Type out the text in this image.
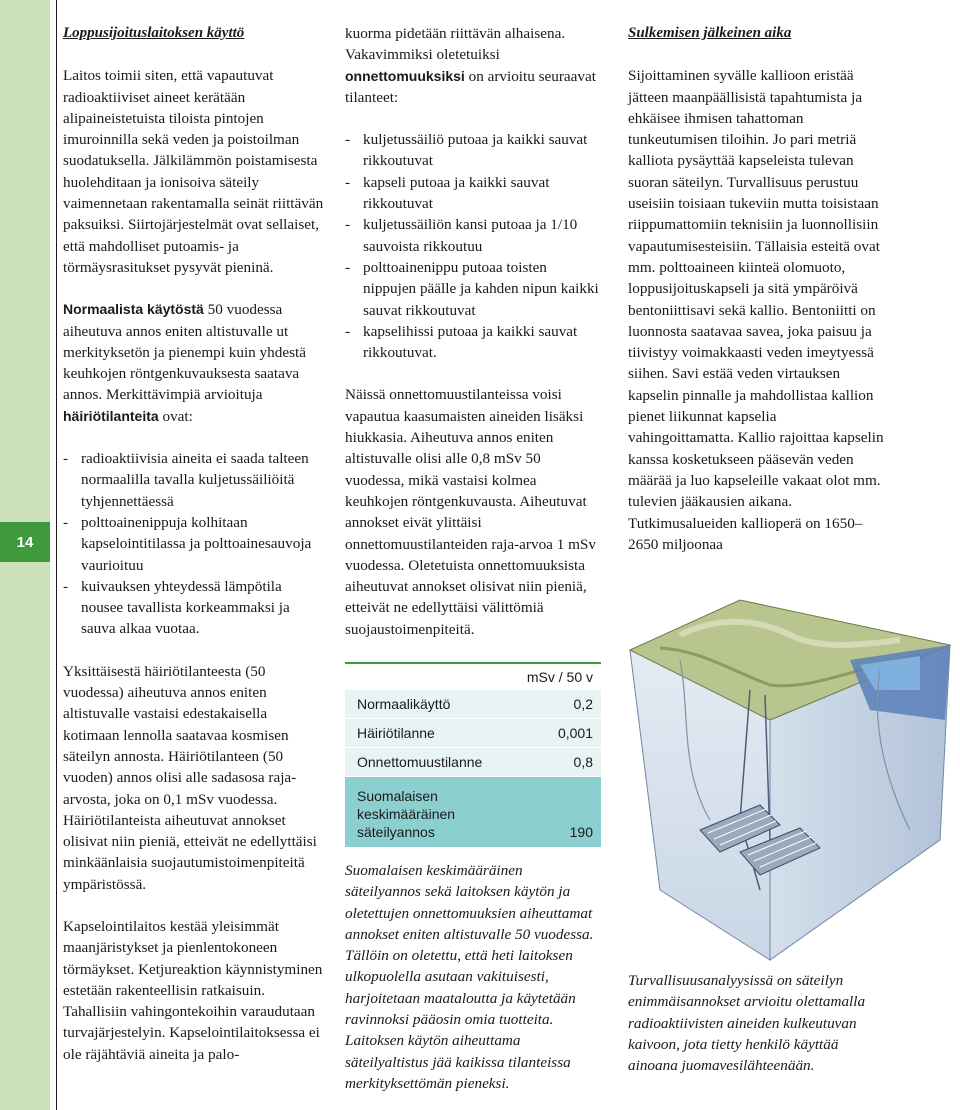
14

Loppusijoituslaitoksen käyttö

Laitos toimii siten, että vapautuvat radioaktiiviset aineet kerätään alipaineistetuista tiloista pintojen imuroinnilla sekä veden ja poistoilman suodatuksella. Jälkilämmön poistamisesta huolehditaan ja ionisoiva säteily vaimennetaan rakentamalla seinät riittävän paksuiksi. Siirtojärjestelmät ovat sellaiset, että mahdolliset putoamis- ja törmäysrasitukset pysyvät pieninä.

Normaalista käytöstä 50 vuodessa aiheutuva annos eniten altistuvalle ut merkityksetön ja pienempi kuin yhdestä keuhkojen röntgenkuvauksesta saatava annos. Merkittävimpiä arvioituja häiriötilanteita ovat:

- radioaktiivisia aineita ei saada talteen normaalilla tavalla kuljetussäiliöitä tyhjennettäessä
- polttoainenippuja kolhitaan kapselointitilassa ja polttoainesauvoja vaurioituu
- kuivauksen yhteydessä lämpötila nousee tavallista korkeammaksi ja sauva alkaa vuotaa.

Yksittäisestä häiriötilanteesta (50 vuodessa) aiheutuva annos eniten altistuvalle vastaisi edestakaisella kotimaan lennolla saatavaa kosmisen säteilyn annosta. Häiriötilanteen (50 vuoden) annos olisi alle sadasosa raja-arvosta, joka on 0,1 mSv vuodessa. Häiriötilanteista aiheutuvat annokset olisivat niin pieniä, etteivät ne edellyttäisi minkäänlaisia suojautumistoimenpiteitä ympäristössä.

Kapselointilaitos kestää yleisimmät maanjäristykset ja pienlentokoneen törmäykset. Ketjureaktion käynnistyminen estetään rakenteellisin ratkaisuin. Tahallisiin vahingontekoihin varaudutaan turvajärjestelyin. Kapselointilaitoksessa ei ole räjähtäviä aineita ja palo-

kuorma pidetään riittävän alhaisena. Vakavimmiksi oletetuiksi onnettomuuksiksi on arvioitu seuraavat tilanteet:

- kuljetussäiliö putoaa ja kaikki sauvat rikkoutuvat
- kapseli putoaa ja kaikki sauvat rikkoutuvat
- kuljetussäiliön kansi putoaa ja 1/10 sauvoista rikkoutuu
- polttoainenippu putoaa toisten nippujen päälle ja kahden nipun kaikki sauvat rikkoutuvat
- kapselihissi putoaa ja kaikki sauvat rikkoutuvat.

Näissä onnettomuustilanteissa voisi vapautua kaasumaisten aineiden lisäksi hiukkasia. Aiheutuva annos eniten altistuvalle olisi alle 0,8 mSv 50 vuodessa, mikä vastaisi kolmea keuhkojen röntgenkuvausta. Aiheutuvat annokset eivät ylittäisi onnettomuustilanteiden raja-arvoa 1 mSv vuodessa. Oletetuista onnettomuuksista aiheutuvat annokset olisivat niin pieniä, etteivät ne edellyttäisi välittömiä suojaustoimenpiteitä.

mSv / 50 v
Normaalikäyttö	0,2
Häiriötilanne	0,001
Onnettomuustilanne	0,8
Suomalaisen keskimääräinen säteilyannos	190

Suomalaisen keskimääräinen säteilyannos sekä laitoksen käytön ja oletettujen onnettomuuksien aiheuttamat annokset eniten altistuvalle 50 vuodessa. Tällöin on oletettu, että heti laitoksen ulkopuolella asutaan vakituisesti, harjoitetaan maataloutta ja käytetään ravinnoksi pääosin omia tuotteita. Laitoksen käytön aiheuttama säteilyaltistus jää kaikissa tilanteissa merkityksettömän pieneksi.

Sulkemisen jälkeinen aika

Sijoittaminen syvälle kallioon eristää jätteen maanpäällisistä tapahtumista ja ehkäisee ihmisen tahattoman tunkeutumisen tiloihin. Jo pari metriä kalliota pysäyttää kapseleista tulevan suoran säteilyn. Turvallisuus perustuu useisiin toisiaan tukeviin mutta toisistaan riippumattomiin teknisiin ja luonnollisiin vapautumisesteisiin. Tällaisia esteitä ovat mm. polttoaineen kiinteä olomuoto, loppusijoituskapseli ja sitä ympäröivä bentoniittisavi sekä kallio. Bentoniitti on luonnosta saatavaa savea, joka paisuu ja tiivistyy voimakkaasti veden imeytyessä siihen. Savi estää veden virtauksen kapselin pinnalle ja mahdollistaa kallion pienet liikunnat kapselia vahingoittamatta. Kallio rajoittaa kapselin kanssa kosketukseen pääsevän veden määrää ja luo kapseleille vakaat olot mm. tulevien jääkausien aikana. Tutkimusalueiden kallioperä on 1650–2650 miljoonaa

Turvallisuusanalyysissä on säteilyn enimmäisannokset arvioitu olettamalla radioaktiivisten aineiden kulkeutuvan kaivoon, jota tietty henkilö käyttää ainoana juomavesilähteenään.
